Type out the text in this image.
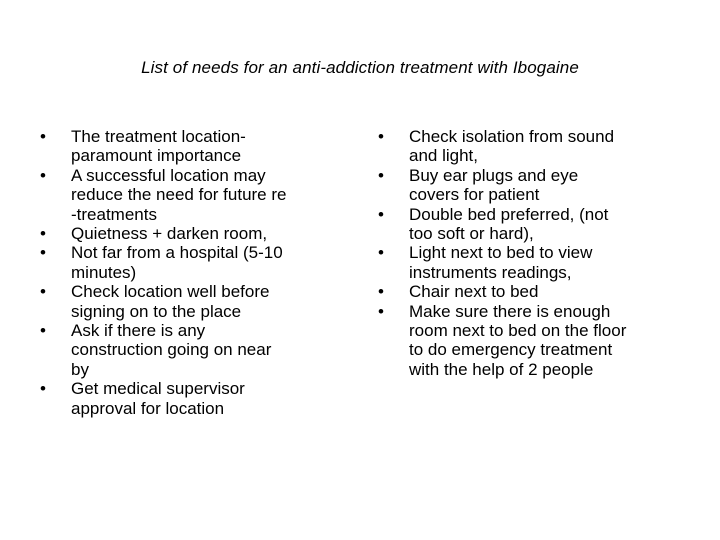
List of needs for an anti-addiction treatment with Ibogaine
•	The treatment location-
paramount importance
•	A successful location may
reduce the need for future re
-treatments
•	Quietness + darken room,
•	Not far from a hospital (5-10
minutes)
•	Check location well before
signing on to the place
•	Ask if there is any
construction going on near
by
•	Get medical supervisor
approval for location
•	Check isolation from sound
and light,
•	Buy ear plugs and eye
covers for patient
•	Double bed preferred, (not
too soft or hard),
•	Light next to bed to view
instruments readings,
•	Chair next to bed
•	Make sure there is enough
room next to bed on the floor
to do emergency treatment
with the help of 2 people
